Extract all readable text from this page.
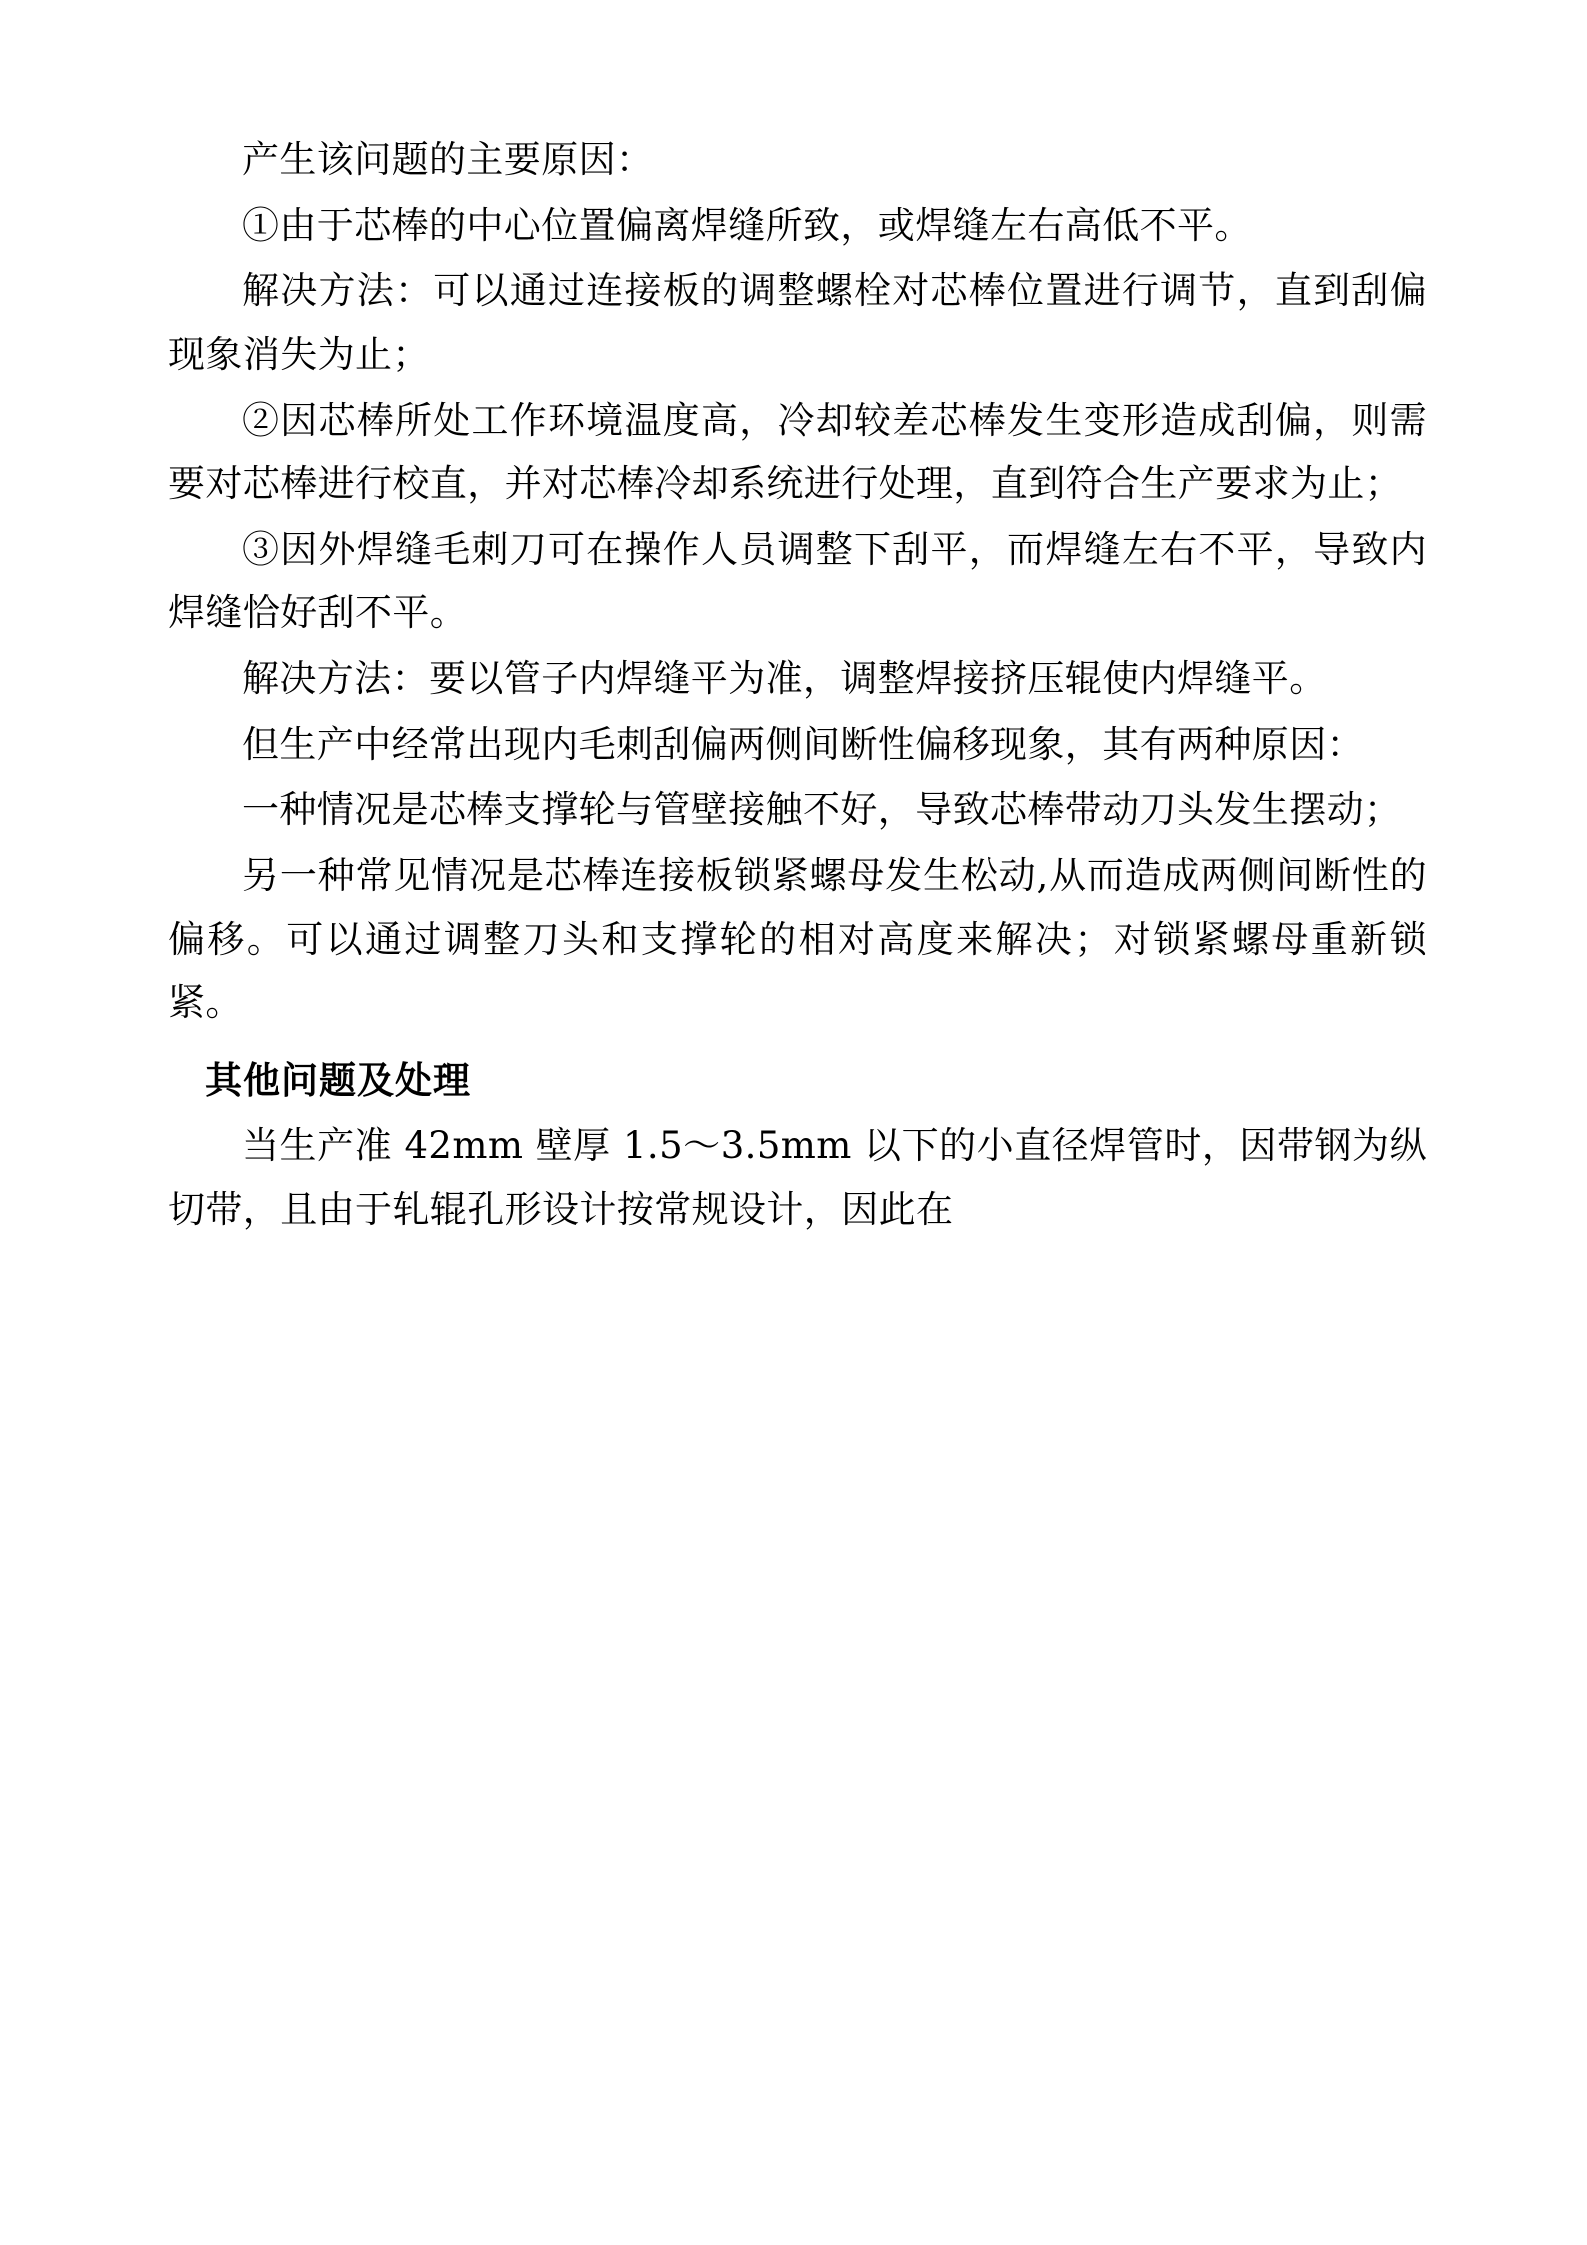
产生该问题的主要原因：

①由于芯棒的中心位置偏离焊缝所致，或焊缝左右高低不平。

解决方法：可以通过连接板的调整螺栓对芯棒位置进行调节，直到刮偏现象消失为止；

②因芯棒所处工作环境温度高，冷却较差芯棒发生变形造成刮偏，则需要对芯棒进行校直，并对芯棒冷却系统进行处理，直到符合生产要求为止；

③因外焊缝毛刺刀可在操作人员调整下刮平，而焊缝左右不平，导致内焊缝恰好刮不平。

解决方法：要以管子内焊缝平为准，调整焊接挤压辊使内焊缝平。

但生产中经常出现内毛刺刮偏两侧间断性偏移现象，其有两种原因：

一种情况是芯棒支撑轮与管壁接触不好，导致芯棒带动刀头发生摆动；

另一种常见情况是芯棒连接板锁紧螺母发生松动,从而造成两侧间断性的偏移。可以通过调整刀头和支撑轮的相对高度来解决；对锁紧螺母重新锁紧。

其他问题及处理

当生产准 42mm 壁厚 1.5～3.5mm 以下的小直径焊管时，因带钢为纵切带，且由于轧辊孔形设计按常规设计，因此在
